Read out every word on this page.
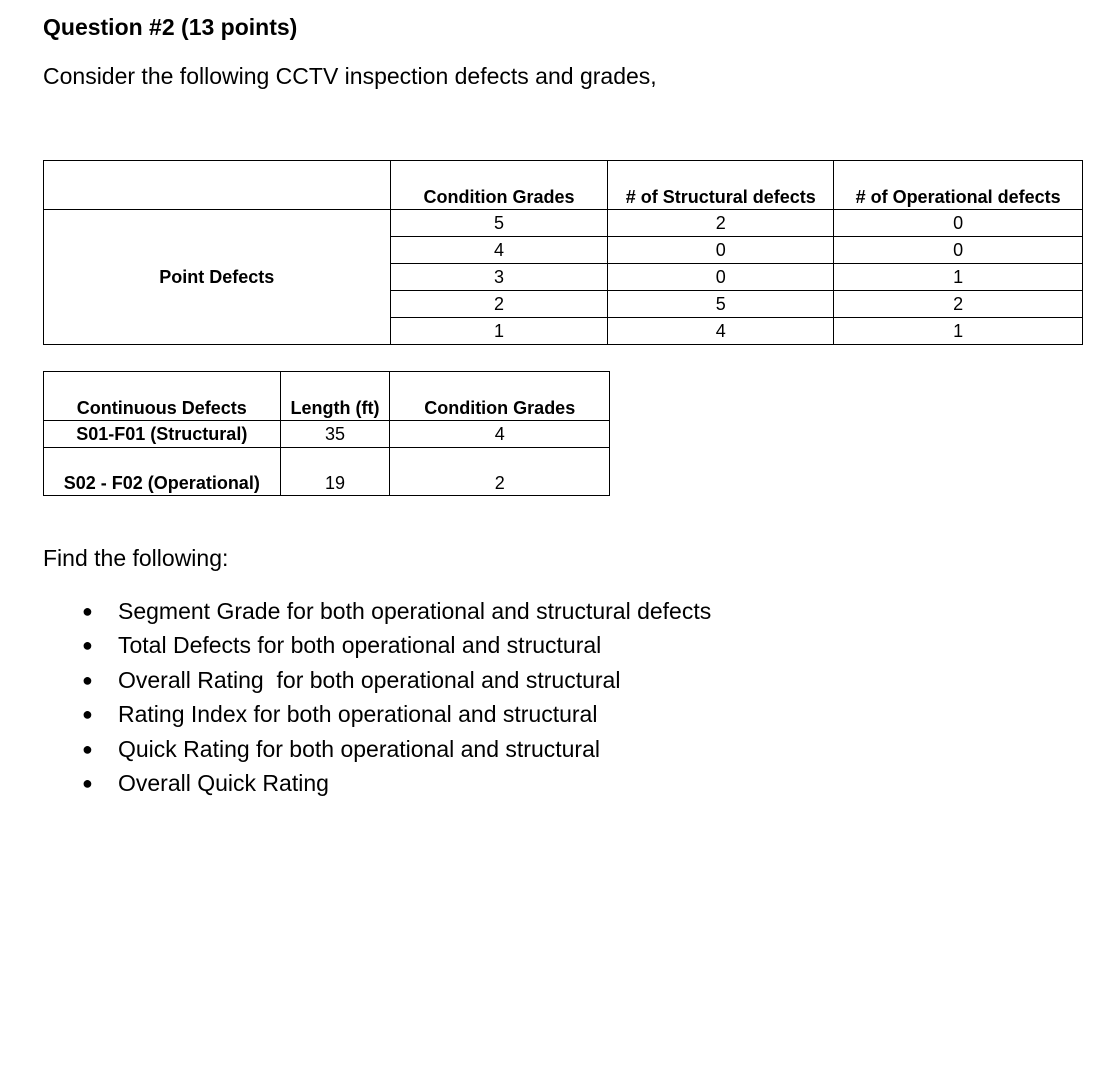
Question #2 (13 points)

Consider the following CCTV inspection defects and grades,

	Condition Grades	# of Structural defects	# of Operational defects
Point Defects	5	2	0
	4	0	0
	3	0	1
	2	5	2
	1	4	1
Continuous Defects	Length (ft)	Condition Grades
S01-F01 (Structural)	35	4
S02 - F02 (Operational)	19	2

Find the following:

● Segment Grade for both operational and structural defects
● Total Defects for both operational and structural
● Overall Rating  for both operational and structural
● Rating Index for both operational and structural
● Quick Rating for both operational and structural
● Overall Quick Rating
